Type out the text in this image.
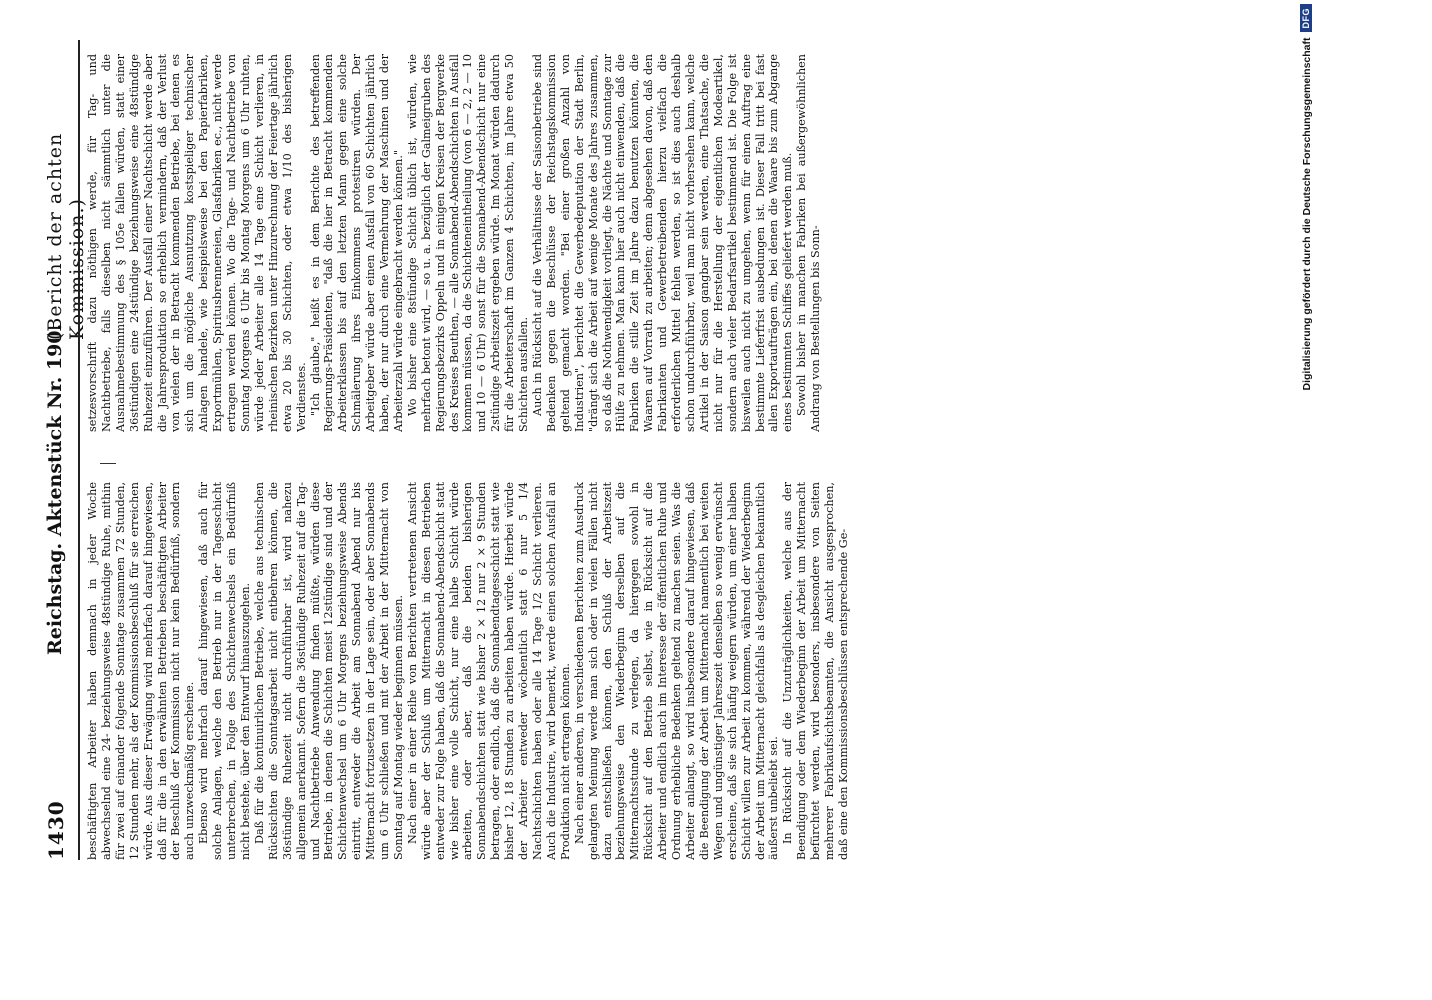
1430
Reichstag. Aktenstück Nr. 190.
(Bericht der achten Kommission.)

beschäftigten Arbeiter haben demnach in jeder Woche abwechselnd eine 24- beziehungsweise 48stündige Ruhe, mithin für zwei auf einander folgende Sonntage zusammen 72 Stunden, 12 Stunden mehr, als der Kommissionsbeschluß für sie erreichen würde. Aus dieser Erwägung wird mehrfach darauf hingewiesen, daß für die in den erwähnten Betrieben beschäftigten Arbeiter der Beschluß der Kommission nicht nur kein Bedürfniß, sondern auch unzweckmäßig erscheine. Ebenso wird mehrfach darauf hingewiesen, daß auch für solche Anlagen, welche den Betrieb nur in der Tagesschicht unterbrechen, in Folge des Schichtenwechsels ein Bedürfniß nicht bestehe, über den Entwurf hinauszugehen. Daß für die kontinuirlichen Betriebe, welche aus technischen Rücksichten die Sonntagsarbeit nicht entbehren können, die 36stündige Ruhezeit nicht durchführbar ist, wird nahezu allgemein anerkannt. Sofern die 36stündige Ruhezeit auf die Tag- und Nachtbetriebe Anwendung finden müßte, würden diese Betriebe, in denen die Schichten meist 12stündige sind und der Schichtenwechsel um 6 Uhr Morgens beziehungsweise Abends eintritt, entweder die Arbeit am Sonnabend Abend nur bis Mitternacht fortzusetzen in der Lage sein, oder aber Sonnabends um 6 Uhr schließen und mit der Arbeit in der Mitternacht von Sonntag auf Montag wieder beginnen müssen. Nach einer in einer Reihe von Berichten vertretenen Ansicht würde aber der Schluß um Mitternacht in diesen Betrieben entweder zur Folge haben, daß die Sonnabend-Abendschicht statt wie bisher eine volle Schicht, nur eine halbe Schicht würde arbeiten, oder aber, daß die beiden bisherigen Sonnabendschichten statt wie bisher 2 × 12 nur 2 × 9 Stunden betragen, oder endlich, daß die Sonnabendtagesschicht statt wie bisher 12, 18 Stunden zu arbeiten haben würde. Hierbei würde der Arbeiter entweder wöchentlich statt 6 nur 5 1/4 Nachtschichten haben oder alle 14 Tage 1/2 Schicht verlieren. Auch die Industrie, wird bemerkt, werde einen solchen Ausfall an Produktion nicht ertragen können. Nach einer anderen, in verschiedenen Berichten zum Ausdruck gelangten Meinung werde man sich oder in vielen Fällen nicht dazu entschließen können, den Schluß der Arbeitszeit beziehungsweise den Wiederbeginn derselben auf die Mitternachtsstunde zu verlegen, da hiergegen sowohl in Rücksicht auf den Betrieb selbst, wie in Rücksicht auf die Arbeiter und endlich auch im Interesse der öffentlichen Ruhe und Ordnung erhebliche Bedenken geltend zu machen seien. Was die Arbeiter anlangt, so wird insbesondere darauf hingewiesen, daß die Beendigung der Arbeit um Mitternacht namentlich bei weiten Wegen und ungünstiger Jahreszeit denselben so wenig erwünscht erscheine, daß sie sich häufig weigern würden, um einer halben Schicht willen zur Arbeit zu kommen, während der Wiederbeginn der Arbeit um Mitternacht gleichfalls als desgleichen bekanntlich äußerst unbeliebt sei. In Rücksicht auf die Unzuträglichkeiten, welche aus der Beendigung oder dem Wiederbeginn der Arbeit um Mitternacht befürchtet werden, wird besonders, insbesondere von Seiten mehrerer Fabrikaufsichtsbeamten, die Ansicht ausgesprochen, daß eine den Kommissionsbeschlüssen entsprechende Ge-

setzesvorschrift dazu nöthigen werde, für Tag- und Nachtbetriebe, falls dieselben nicht sämmtlich unter die Ausnahmebestimmung des § 105e fallen würden, statt einer 36stündigen eine 24stündige beziehungsweise eine 48stündige Ruhezeit einzuführen. Der Ausfall einer Nachtschicht werde aber die Jahresproduktion so erheblich vermindern, daß der Verlust von vielen der in Betracht kommenden Betriebe, bei denen es sich um die mögliche Ausnutzung kostspieliger technischer Anlagen handele, wie beispielsweise bei den Papierfabriken, Exportmühlen, Spiritusbrennereien, Glasfabriken ec., nicht werde ertragen werden können. Wo die Tage- und Nachtbetriebe von Sonntag Morgens 6 Uhr bis Montag Morgens um 6 Uhr ruhten, würde jeder Arbeiter alle 14 Tage eine Schicht verlieren, in rheinischen Bezirken unter Hinzurechnung der Feiertage jährlich etwa 20 bis 30 Schichten, oder etwa 1/10 des bisherigen Verdienstes. "Ich glaube," heißt es in dem Berichte des betreffenden Regierungs-Präsidenten, "daß die hier in Betracht kommenden Arbeiterklassen bis auf den letzten Mann gegen eine solche Schmälerung ihres Einkommens protestiren würden. Der Arbeitgeber würde aber einen Ausfall von 60 Schichten jährlich haben, der nur durch eine Vermehrung der Maschinen und der Arbeiterzahl würde eingebracht werden können." Wo bisher eine 8stündige Schicht üblich ist, würden, wie mehrfach betont wird, — so u. a. bezüglich der Galmeigruben des Regierungsbezirks Oppeln und in einigen Kreisen der Bergwerke des Kreises Beuthen, — alle Sonnabend-Abendschichten in Ausfall kommen müssen, da die Schichteneintheilung (von 6 — 2, 2 — 10 und 10 — 6 Uhr) sonst für die Sonnabend-Abendschicht nur eine 2stündige Arbeitszeit ergeben würde. Im Monat würden dadurch für die Arbeiterschaft im Ganzen 4 Schichten, im Jahre etwa 50 Schichten ausfallen. Auch in Rücksicht auf die Verhältnisse der Saisonbetriebe sind Bedenken gegen die Beschlüsse der Reichstagskommission geltend gemacht worden. "Bei einer großen Anzahl von Industrien", berichtet die Gewerbedeputation der Stadt Berlin, "drängt sich die Arbeit auf wenige Monate des Jahres zusammen, so daß die Nothwendigkeit vorliegt, die Nächte und Sonntage zur Hülfe zu nehmen. Man kann hier auch nicht einwenden, daß die Fabriken die stille Zeit im Jahre dazu benutzen könnten, die Waaren auf Vorrath zu arbeiten; denn abgesehen davon, daß den Fabrikanten und Gewerbetreibenden hierzu vielfach die erforderlichen Mittel fehlen werden, so ist dies auch deshalb schon undurchführbar, weil man nicht vorhersehen kann, welche Artikel in der Saison gangbar sein werden, eine Thatsache, die nicht nur für die Herstellung der eigentlichen Modeartikel, sondern auch vieler Bedarfsartikel bestimmend ist. Die Folge ist bisweilen auch nicht zu umgehen, wenn für einen Auftrag eine bestimmte Lieferfrist ausbedungen ist. Dieser Fall tritt bei fast allen Exportaufträgen ein, bei denen die Waare bis zum Abgange eines bestimmten Schiffes geliefert werden muß. Sowohl bisher in manchen Fabriken bei außergewöhnlichen Andrang von Bestellungen bis Sonn-	Digitalisierung gefördert durch die Deutsche ForschungsgemeinschaftDFG
